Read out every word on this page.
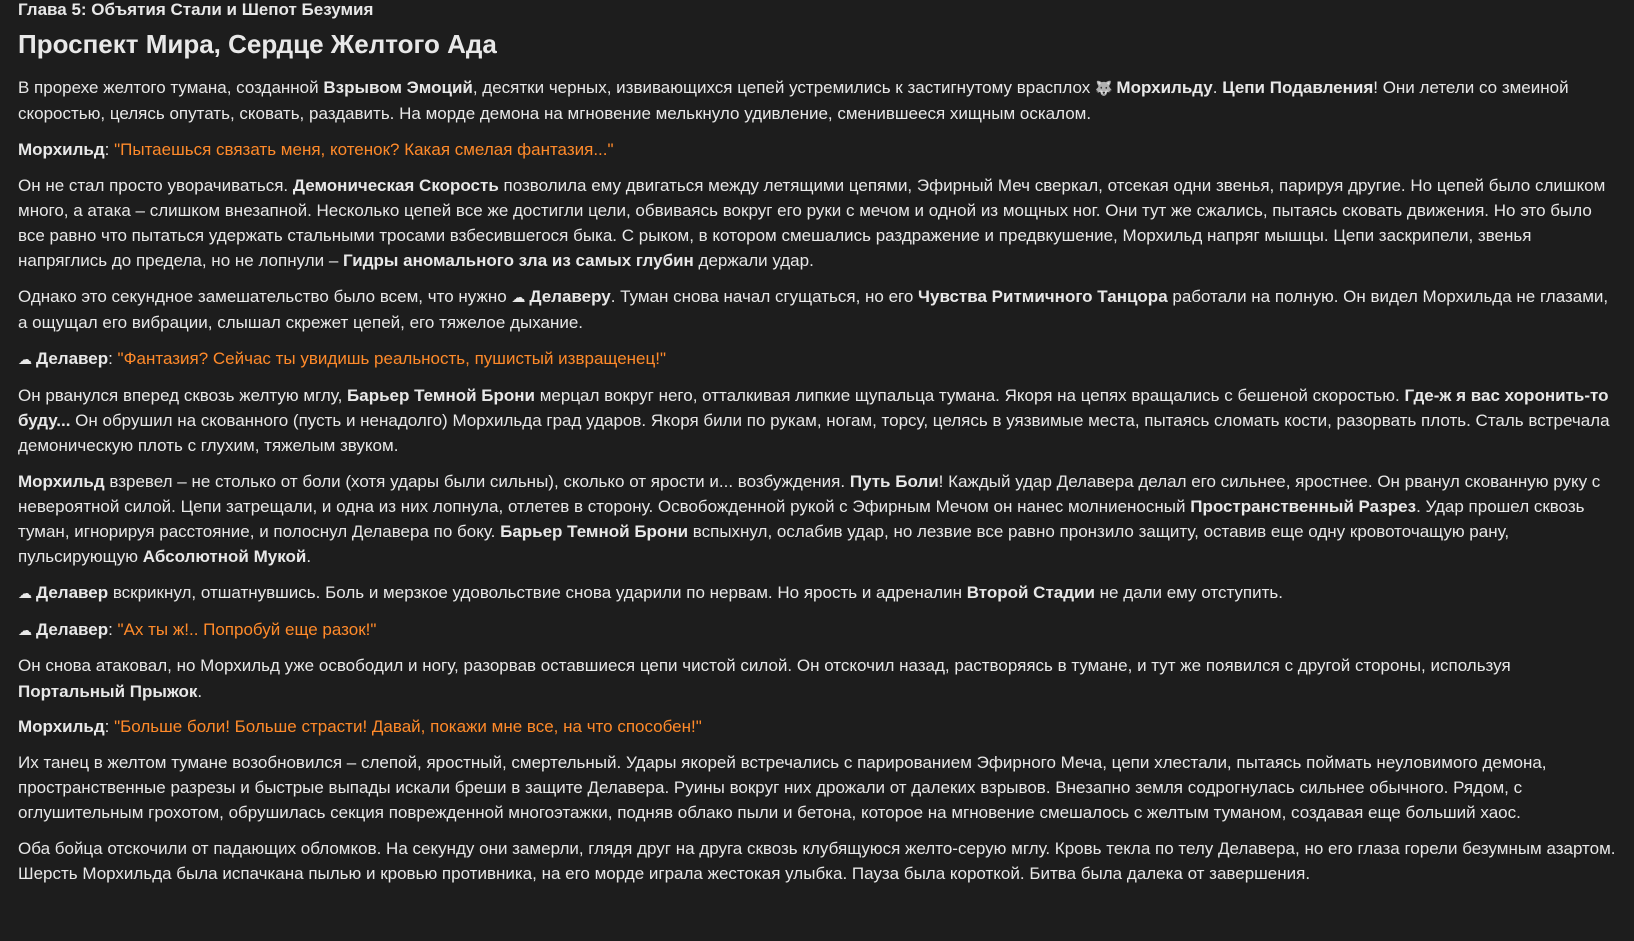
Глава 5: Объятия Стали и Шепот Безумия
Проспект Мира, Сердце Желтого Ада

В прорехе желтого тумана, созданной Взрывом Эмоций, десятки черных, извивающихся цепей устремились к застигнутому врасплох 🐺 Морхильду. Цепи Подавления! Они летели со змеиной скоростью, целясь опутать, сковать, раздавить. На морде демона на мгновение мелькнуло удивление, сменившееся хищным оскалом.

Морхильд: "Пытаешься связать меня, котенок? Какая смелая фантазия..."

Он не стал просто уворачиваться. Демоническая Скорость позволила ему двигаться между летящими цепями, Эфирный Меч сверкал, отсекая одни звенья, парируя другие. Но цепей было слишком много, а атака – слишком внезапной. Несколько цепей все же достигли цели, обвиваясь вокруг его руки с мечом и одной из мощных ног. Они тут же сжались, пытаясь сковать движения. Но это было все равно что пытаться удержать стальными тросами взбесившегося быка. С рыком, в котором смешались раздражение и предвкушение, Морхильд напряг мышцы. Цепи заскрипели, звенья напряглись до предела, но не лопнули – Гидры аномального зла из самых глубин держали удар.

Однако это секундное замешательство было всем, что нужно ☁ Делаверу. Туман снова начал сгущаться, но его Чувства Ритмичного Танцора работали на полную. Он видел Морхильда не глазами, а ощущал его вибрации, слышал скрежет цепей, его тяжелое дыхание.

☁ Делавер: "Фантазия? Сейчас ты увидишь реальность, пушистый извращенец!"

Он рванулся вперед сквозь желтую мглу, Барьер Темной Брони мерцал вокруг него, отталкивая липкие щупальца тумана. Якоря на цепях вращались с бешеной скоростью. Где-ж я вас хоронить-то буду... Он обрушил на скованного (пусть и ненадолго) Морхильда град ударов. Якоря били по рукам, ногам, торсу, целясь в уязвимые места, пытаясь сломать кости, разорвать плоть. Сталь встречала демоническую плоть с глухим, тяжелым звуком.

Морхильд взревел – не столько от боли (хотя удары были сильны), сколько от ярости и... возбуждения. Путь Боли! Каждый удар Делавера делал его сильнее, яростнее. Он рванул скованную руку с невероятной силой. Цепи затрещали, и одна из них лопнула, отлетев в сторону. Освобожденной рукой с Эфирным Мечом он нанес молниеносный Пространственный Разрез. Удар прошел сквозь туман, игнорируя расстояние, и полоснул Делавера по боку. Барьер Темной Брони вспыхнул, ослабив удар, но лезвие все равно пронзило защиту, оставив еще одну кровоточащую рану, пульсирующую Абсолютной Мукой.

☁ Делавер вскрикнул, отшатнувшись. Боль и мерзкое удовольствие снова ударили по нервам. Но ярость и адреналин Второй Стадии не дали ему отступить.

☁ Делавер: "Ах ты ж!.. Попробуй еще разок!"

Он снова атаковал, но Морхильд уже освободил и ногу, разорвав оставшиеся цепи чистой силой. Он отскочил назад, растворяясь в тумане, и тут же появился с другой стороны, используя Портальный Прыжок.

Морхильд: "Больше боли! Больше страсти! Давай, покажи мне все, на что способен!"

Их танец в желтом тумане возобновился – слепой, яростный, смертельный. Удары якорей встречались с парированием Эфирного Меча, цепи хлестали, пытаясь поймать неуловимого демона, пространственные разрезы и быстрые выпады искали бреши в защите Делавера. Руины вокруг них дрожали от далеких взрывов. Внезапно земля содрогнулась сильнее обычного. Рядом, с оглушительным грохотом, обрушилась секция поврежденной многоэтажки, подняв облако пыли и бетона, которое на мгновение смешалось с желтым туманом, создавая еще больший хаос.

Оба бойца отскочили от падающих обломков. На секунду они замерли, глядя друг на друга сквозь клубящуюся желто-серую мглу. Кровь текла по телу Делавера, но его глаза горели безумным азартом. Шерсть Морхильда была испачкана пылью и кровью противника, на его морде играла жестокая улыбка. Пауза была короткой. Битва была далека от завершения.
